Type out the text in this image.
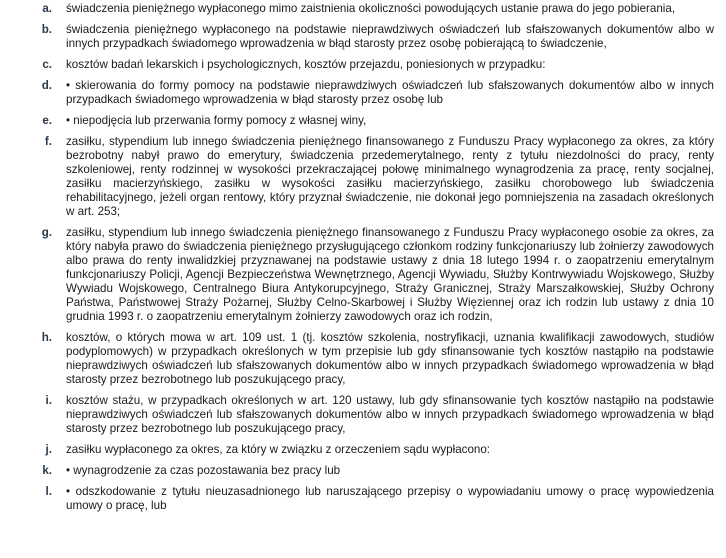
a.	świadczenia pieniężnego wypłaconego mimo zaistnienia okoliczności powodujących ustanie prawa do jego pobierania,
b.	świadczenia pieniężnego wypłaconego na podstawie nieprawdziwych oświadczeń lub sfałszowanych dokumentów albo w innych przypadkach świadomego wprowadzenia w błąd starosty przez osobę pobierającą to świadczenie,
c.	kosztów badań lekarskich i psychologicznych, kosztów przejazdu, poniesionych w przypadku:
d.	• skierowania do formy pomocy na podstawie nieprawdziwych oświadczeń lub sfałszowanych dokumentów albo w innych przypadkach świadomego wprowadzenia w błąd starosty przez osobę lub
e.	• niepodjęcia lub przerwania formy pomocy z własnej winy,
f.	zasiłku, stypendium lub innego świadczenia pieniężnego finansowanego z Funduszu Pracy wypłaconego za okres, za który bezrobotny nabył prawo do emerytury, świadczenia przedemerytalnego, renty z tytułu niezdolności do pracy, renty szkoleniowej, renty rodzinnej w wysokości przekraczającej połowę minimalnego wynagrodzenia za pracę, renty socjalnej, zasiłku macierzyńskiego, zasiłku w wysokości zasiłku macierzyńskiego, zasiłku chorobowego lub świadczenia rehabilitacyjnego, jeżeli organ rentowy, który przyznał świadczenie, nie dokonał jego pomniejszenia na zasadach określonych w art. 253;
g.	zasiłku, stypendium lub innego świadczenia pieniężnego finansowanego z Funduszu Pracy wypłaconego osobie za okres, za który nabyła prawo do świadczenia pieniężnego przysługującego członkom rodziny funkcjonariuszy lub żołnierzy zawodowych albo prawa do renty inwalidzkiej przyznawanej na podstawie ustawy z dnia 18 lutego 1994 r. o zaopatrzeniu emerytalnym funkcjonariuszy Policji, Agencji Bezpieczeństwa Wewnętrznego, Agencji Wywiadu, Służby Kontrwywiadu Wojskowego, Służby Wywiadu Wojskowego, Centralnego Biura Antykorupcyjnego, Straży Granicznej, Straży Marszałkowskiej, Służby Ochrony Państwa, Państwowej Straży Pożarnej, Służby Celno-Skarbowej i Służby Więziennej oraz ich rodzin lub ustawy z dnia 10 grudnia 1993 r. o zaopatrzeniu emerytalnym żołnierzy zawodowych oraz ich rodzin,
h.	kosztów, o których mowa w art. 109 ust. 1 (tj. kosztów szkolenia, nostryfikacji, uznania kwalifikacji zawodowych, studiów podyplomowych) w przypadkach określonych w tym przepisie lub gdy sfinansowanie tych kosztów nastąpiło na podstawie nieprawdziwych oświadczeń lub sfałszowanych dokumentów albo w innych przypadkach świadomego wprowadzenia w błąd starosty przez bezrobotnego lub poszukującego pracy,
i.	kosztów stażu, w przypadkach określonych w art. 120 ustawy, lub gdy sfinansowanie tych kosztów nastąpiło na podstawie nieprawdziwych oświadczeń lub sfałszowanych dokumentów albo w innych przypadkach świadomego wprowadzenia w błąd starosty przez bezrobotnego lub poszukującego pracy,
j.	zasiłku wypłaconego za okres, za który w związku z orzeczeniem sądu wypłacono:
k.	• wynagrodzenie za czas pozostawania bez pracy lub
l.	• odszkodowanie z tytułu nieuzasadnionego lub naruszającego przepisy o wypowiadaniu umowy o pracę wypowiedzenia umowy o pracę, lub
